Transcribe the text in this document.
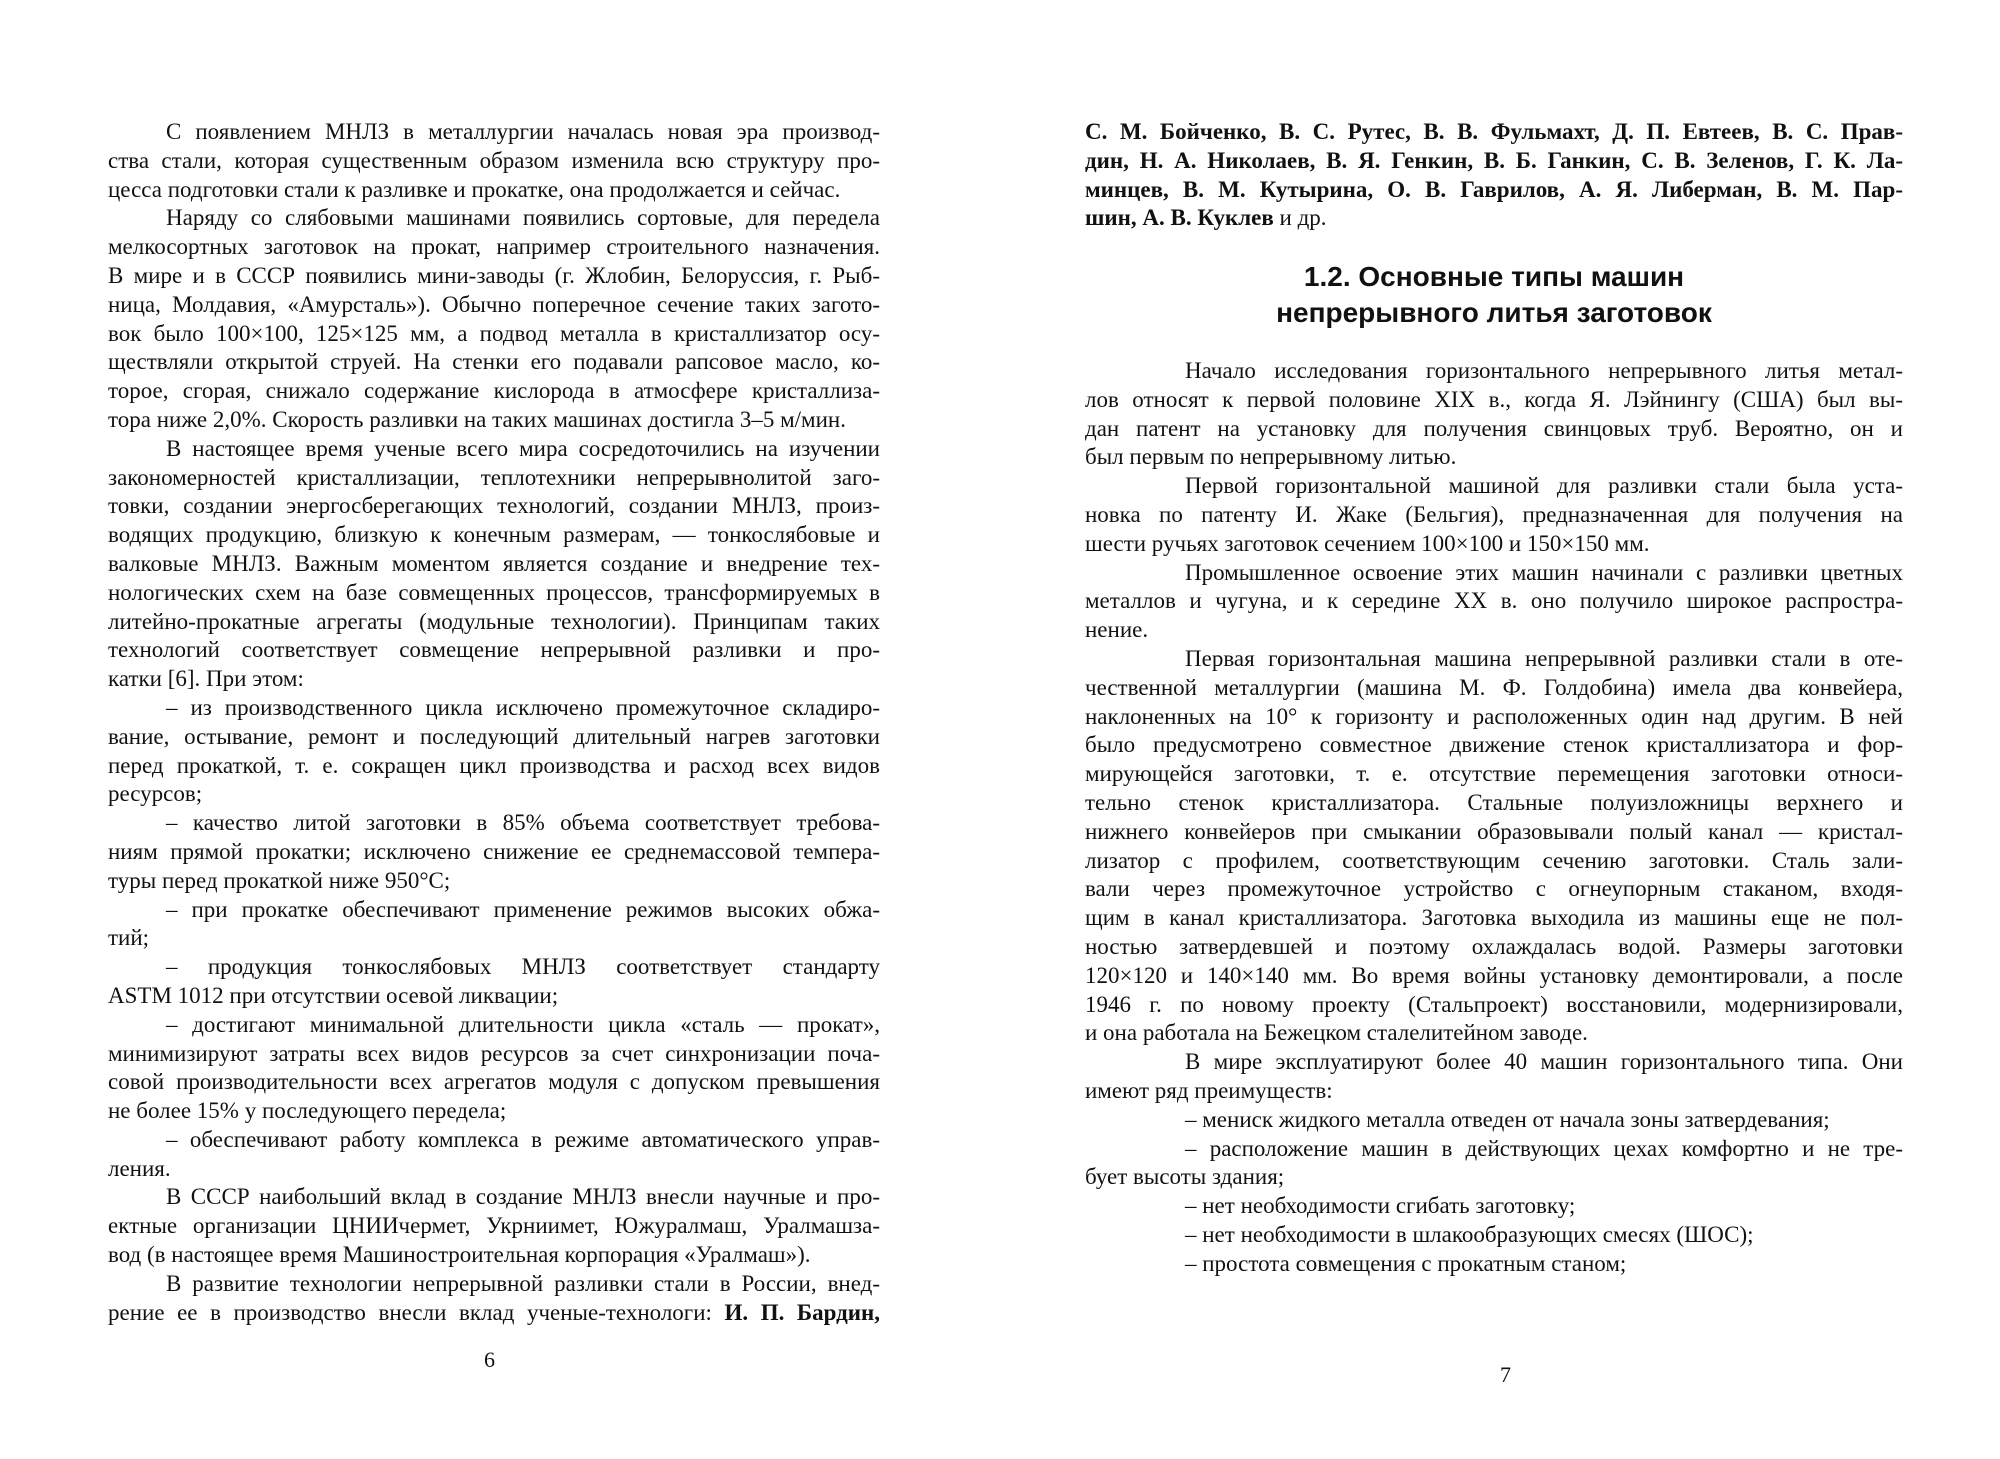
С появлением МНЛЗ в металлургии началась новая эра производ-
ства стали, которая существенным образом изменила всю структуру про-
цесса подготовки стали к разливке и прокатке, она продолжается и сейчас.
Наряду со слябовыми машинами появились сортовые, для передела
мелкосортных заготовок на прокат, например строительного назначения.
В мире и в СССР появились мини-заводы (г. Жлобин, Белоруссия, г. Рыб-
ница, Молдавия, «Амурсталь»). Обычно поперечное сечение таких загото-
вок было 100×100, 125×125 мм, а подвод металла в кристаллизатор осу-
ществляли открытой струей. На стенки его подавали рапсовое масло, ко-
торое, сгорая, снижало содержание кислорода в атмосфере кристаллиза-
тора ниже 2,0%. Скорость разливки на таких машинах достигла 3–5 м/мин.
В настоящее время ученые всего мира сосредоточились на изучении
закономерностей кристаллизации, теплотехники непрерывнолитой заго-
товки, создании энергосберегающих технологий, создании МНЛЗ, произ-
водящих продукцию, близкую к конечным размерам, — тонкослябовые и
валковые МНЛЗ. Важным моментом является создание и внедрение тех-
нологических схем на базе совмещенных процессов, трансформируемых в
литейно-прокатные агрегаты (модульные технологии). Принципам таких
технологий соответствует совмещение непрерывной разливки и про-
катки [6]. При этом:
– из производственного цикла исключено промежуточное складиро-
вание, остывание, ремонт и последующий длительный нагрев заготовки
перед прокаткой, т. е. сокращен цикл производства и расход всех видов
ресурсов;
– качество литой заготовки в 85% объема соответствует требова-
ниям прямой прокатки; исключено снижение ее среднемассовой темпера-
туры перед прокаткой ниже 950°С;
– при прокатке обеспечивают применение режимов высоких обжа-
тий;
– продукция тонкослябовых МНЛЗ соответствует стандарту
ASTM 1012 при отсутствии осевой ликвации;
– достигают минимальной длительности цикла «сталь — прокат»,
минимизируют затраты всех видов ресурсов за счет синхронизации поча-
совой производительности всех агрегатов модуля с допуском превышения
не более 15% у последующего передела;
– обеспечивают работу комплекса в режиме автоматического управ-
ления.
В СССР наибольший вклад в создание МНЛЗ внесли научные и про-
ектные организации ЦНИИчермет, Укрниимет, Южуралмаш, Уралмашза-
вод (в настоящее время Машиностроительная корпорация «Уралмаш»).
В развитие технологии непрерывной разливки стали в России, внед-
рение ее в производство внесли вклад ученые-технологи: И. П. Бардин,
6
С. М. Бойченко, В. С. Рутес, В. В. Фульмахт, Д. П. Евтеев, В. С. Прав-
дин, Н. А. Николаев, В. Я. Генкин, В. Б. Ганкин, С. В. Зеленов, Г. К. Ла-
минцев, В. М. Кутырина, О. В. Гаврилов, А. Я. Либерман, В. М. Пар-
шин, А. В. Куклев и др.
1.2. Основные типы машин
непрерывного литья заготовок
Начало исследования горизонтального непрерывного литья метал-
лов относят к первой половине XIX в., когда Я. Лэйнингу (США) был вы-
дан патент на установку для получения свинцовых труб. Вероятно, он и
был первым по непрерывному литью.
Первой горизонтальной машиной для разливки стали была уста-
новка по патенту И. Жаке (Бельгия), предназначенная для получения на
шести ручьях заготовок сечением 100×100 и 150×150 мм.
Промышленное освоение этих машин начинали с разливки цветных
металлов и чугуна, и к середине XX в. оно получило широкое распростра-
нение.
Первая горизонтальная машина непрерывной разливки стали в оте-
чественной металлургии (машина М. Ф. Голдобина) имела два конвейера,
наклоненных на 10° к горизонту и расположенных один над другим. В ней
было предусмотрено совместное движение стенок кристаллизатора и фор-
мирующейся заготовки, т. е. отсутствие перемещения заготовки относи-
тельно стенок кристаллизатора. Стальные полуизложницы верхнего и
нижнего конвейеров при смыкании образовывали полый канал — кристал-
лизатор с профилем, соответствующим сечению заготовки. Сталь зали-
вали через промежуточное устройство с огнеупорным стаканом, входя-
щим в канал кристаллизатора. Заготовка выходила из машины еще не пол-
ностью затвердевшей и поэтому охлаждалась водой. Размеры заготовки
120×120 и 140×140 мм. Во время войны установку демонтировали, а после
1946 г. по новому проекту (Стальпроект) восстановили, модернизировали,
и она работала на Бежецком сталелитейном заводе.
В мире эксплуатируют более 40 машин горизонтального типа. Они
имеют ряд преимуществ:
– мениск жидкого металла отведен от начала зоны затвердевания;
– расположение машин в действующих цехах комфортно и не тре-
бует высоты здания;
– нет необходимости сгибать заготовку;
– нет необходимости в шлакообразующих смесях (ШОС);
– простота совмещения с прокатным станом;
7
